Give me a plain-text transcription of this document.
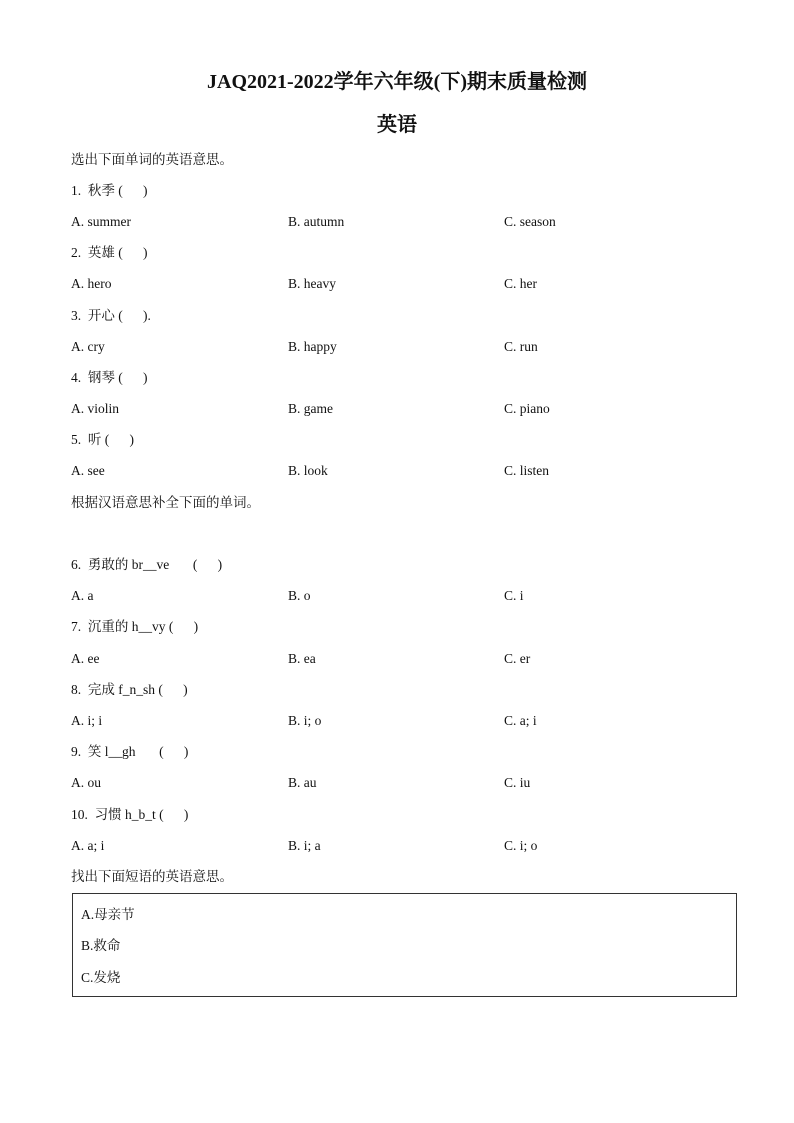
JAQ2021-2022学年六年级(下)期末质量检测
英语
选出下面单词的英语意思。
1.  秋季 (      )
A. summer	B. autumn	C. season
2.  英雄 (      )
A. hero	B. heavy	C. her
3.  开心 (      ).
A. cry	B. happy	C. run
4.  钢琴 (      )
A. violin	B. game	C. piano
5.  听 (      )
A. see	B. look	C. listen
根据汉语意思补全下面的单词。
6.  勇敢的 br__ve       (      )
A. a	B. o	C. i
7.  沉重的 h__vy (      )
A. ee	B. ea	C. er
8.  完成 f_n_sh (      )
A. i; i	B. i; o	C. a; i
9.  笑 l__gh       (      )
A. ou	B. au	C. iu
10.  习惯 h_b_t (      )
A. a; i	B. i; a	C. i; o
找出下面短语的英语意思。
A.母亲节
B.救命
C.发烧
